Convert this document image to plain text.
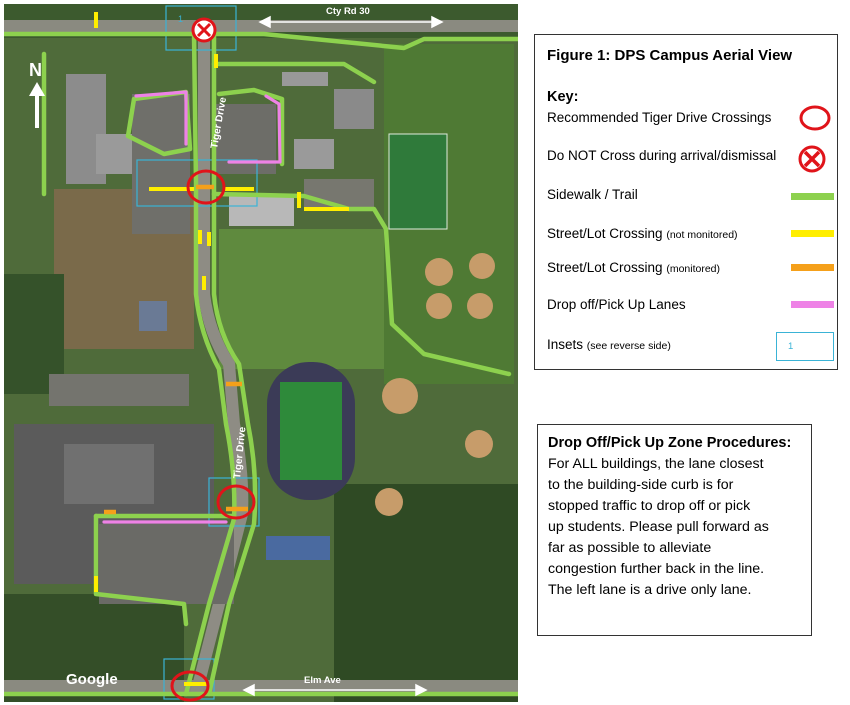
1
Cty Rd 30
Elm Ave
Tiger Drive
Tiger Drive
N
Google
Figure 1: DPS Campus Aerial View
Key:
Recommended Tiger Drive Crossings
Do NOT Cross during arrival/dismissal
Sidewalk / Trail
Street/Lot Crossing (not monitored)
Street/Lot Crossing (monitored)
Drop off/Pick Up Lanes
Insets (see reverse side)	1
Drop Off/Pick Up Zone Procedures:
For ALL buildings, the lane closest
to the building-side curb is for
stopped traffic to drop off or pick
up students. Please pull forward as
far as possible to alleviate
congestion further back in the line.
The left lane is a drive only lane.
